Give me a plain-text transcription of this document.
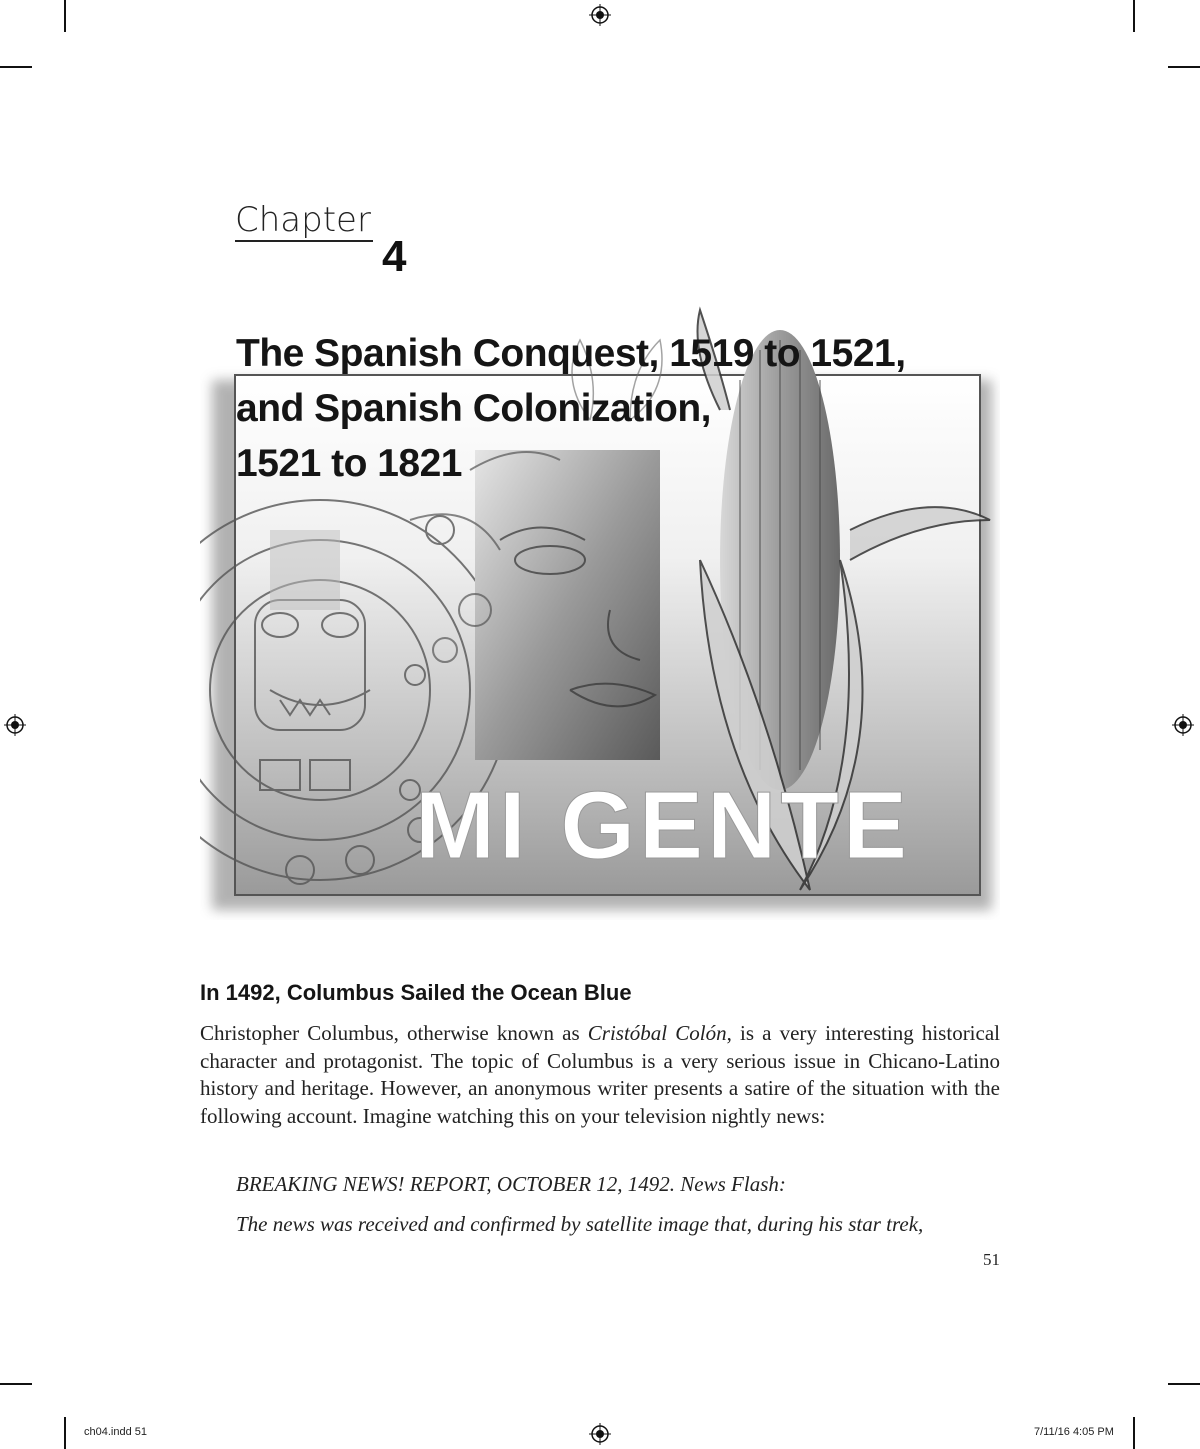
MI GENTE
Chapter
4
The Spanish Conquest, 1519 to 1521,
and Spanish Colonization,
1521 to 1821
In 1492, Columbus Sailed the Ocean Blue
Christopher Columbus, otherwise known as Cristóbal Colón, is a very interesting historical character and protagonist. The topic of Columbus is a very serious issue in Chicano-Latino history and heritage. However, an anonymous writer presents a satire of the situation with the following account. Imagine watching this on your television nightly news:
BREAKING NEWS! REPORT, OCTOBER 12, 1492. News Flash:
The news was received and confirmed by satellite image that, during his star trek,
51
ch04.indd 51	7/11/16 4:05 PM
